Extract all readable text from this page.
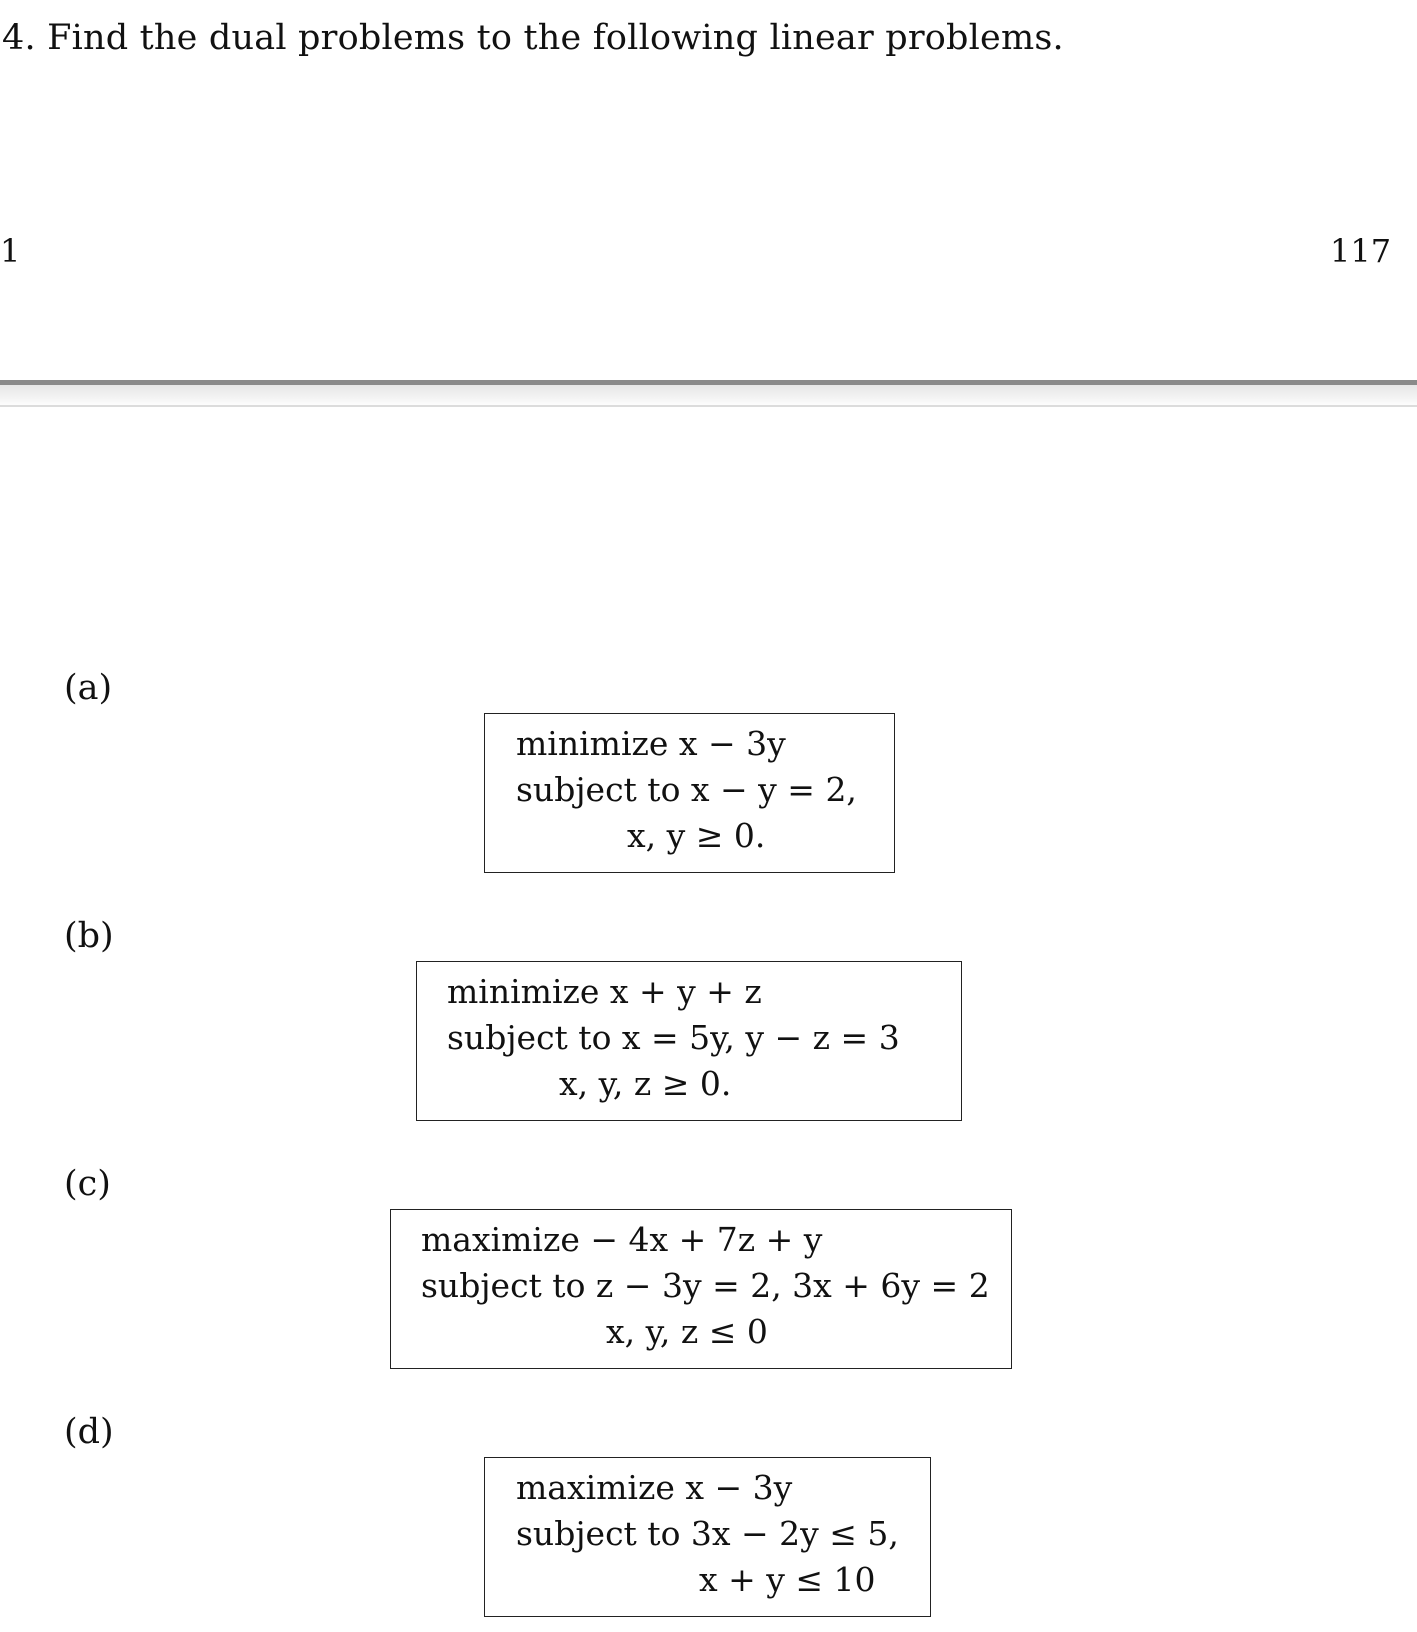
4. Find the dual problems to the following linear problems.
1	117
(a)
minimize x − 3y
subject to x − y = 2,
x, y ≥ 0.
(b)
minimize x + y + z
subject to x = 5y, y − z = 3
x, y, z ≥ 0.
(c)
maximize − 4x + 7z + y
subject to z − 3y = 2, 3x + 6y = 2
x, y, z ≤ 0
(d)
maximize x − 3y
subject to 3x − 2y ≤ 5,
x + y ≤ 10
